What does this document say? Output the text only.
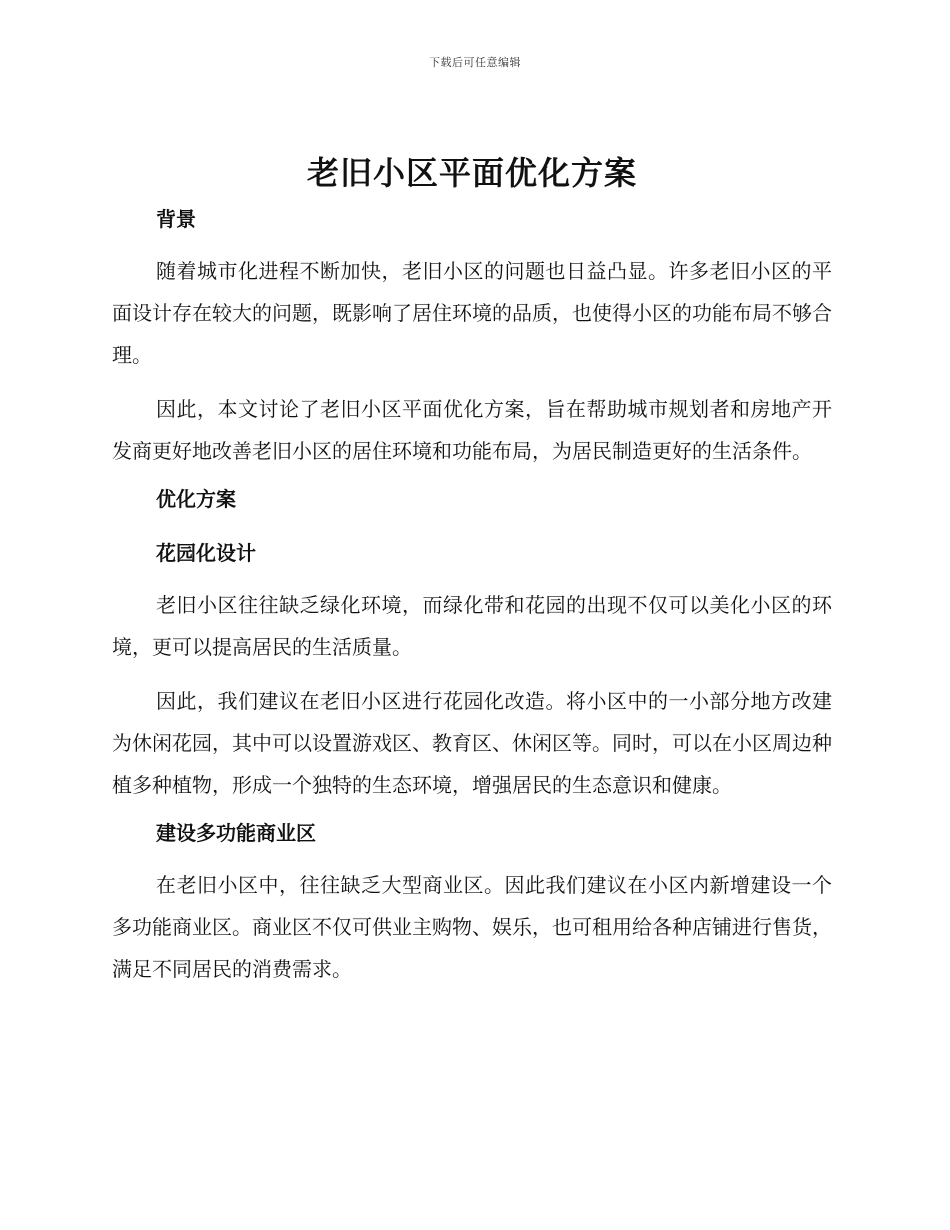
下载后可任意编辑
老旧小区平面优化方案
背景

随着城市化进程不断加快，老旧小区的问题也日益凸显。许多老旧小区的平面设计存在较大的问题，既影响了居住环境的品质，也使得小区的功能布局不够合理。

因此，本文讨论了老旧小区平面优化方案，旨在帮助城市规划者和房地产开发商更好地改善老旧小区的居住环境和功能布局，为居民制造更好的生活条件。

优化方案
花园化设计

老旧小区往往缺乏绿化环境，而绿化带和花园的出现不仅可以美化小区的环境，更可以提高居民的生活质量。

因此，我们建议在老旧小区进行花园化改造。将小区中的一小部分地方改建为休闲花园，其中可以设置游戏区、教育区、休闲区等。同时，可以在小区周边种植多种植物，形成一个独特的生态环境，增强居民的生态意识和健康。

建设多功能商业区

在老旧小区中，往往缺乏大型商业区。因此我们建议在小区内新增建设一个多功能商业区。商业区不仅可供业主购物、娱乐，也可租用给各种店铺进行售货，满足不同居民的消费需求。
